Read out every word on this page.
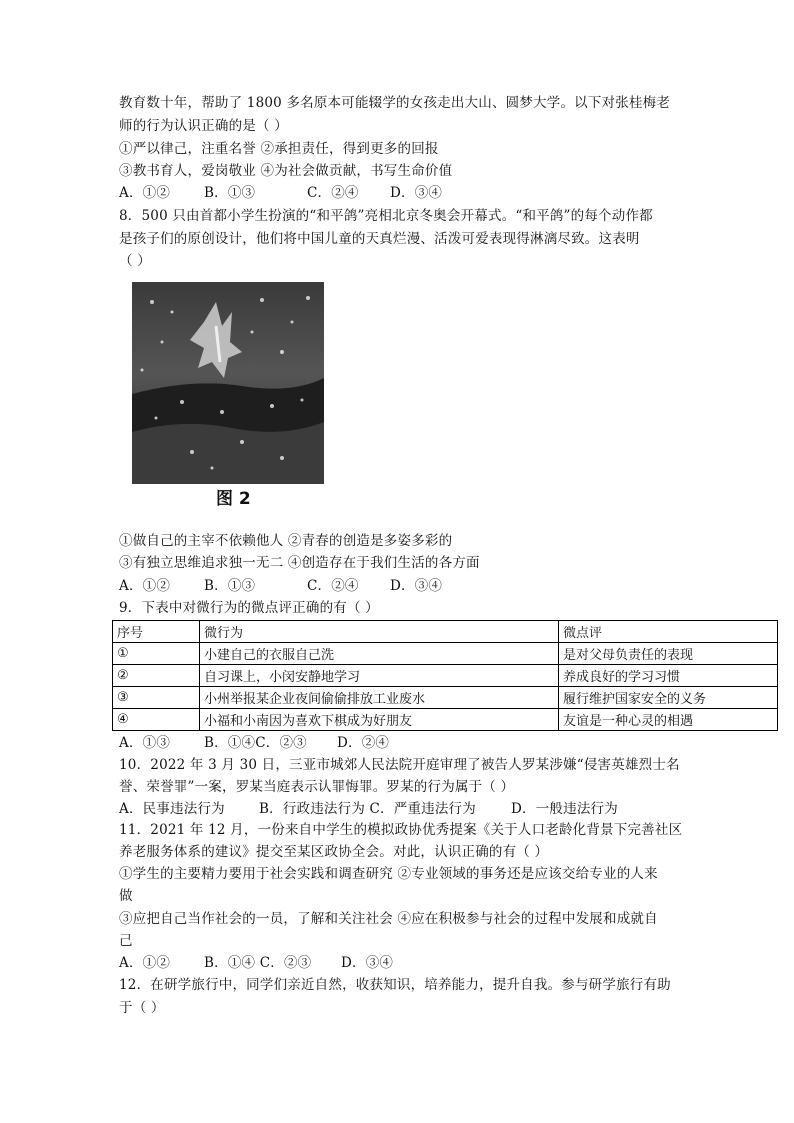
教育数十年，帮助了 1800 多名原本可能辍学的女孩走出大山、圆梦大学。以下对张桂梅老
师的行为认识正确的是（ ）
①严以律己，注重名誉 ②承担责任，得到更多的回报
③教书育人，爱岗敬业 ④为社会做贡献，书写生命价值
A．①②	B．①③	C．②④ D．③④
8．500 只由首都小学生扮演的“和平鸽”亮相北京冬奥会开幕式。“和平鸽”的每个动作都
是孩子们的原创设计，他们将中国儿童的天真烂漫、活泼可爱表现得淋漓尽致。这表明
（ ）
图 2
①做自己的主宰不依赖他人 ②青春的创造是多姿多彩的
③有独立思维追求独一无二 ④创造存在于我们生活的各方面
A．①②	B．①③	C．②④ D．③④
9．下表中对微行为的微点评正确的有（ ）
序号	微行为	微点评
①	小建自己的衣服自己洗	是对父母负责任的表现
②	自习课上，小闵安静地学习	养成良好的学习习惯
③	小州举报某企业夜间偷偷排放工业废水	履行维护国家安全的义务
④	小福和小南因为喜欢下棋成为好朋友	友谊是一种心灵的相遇
A．①③	B．①④C．②③ D．②④
10．2022 年 3 月 30 日，三亚市城郊人民法院开庭审理了被告人罗某涉嫌“侵害英雄烈士名
誉、荣誉罪”一案，罗某当庭表示认罪悔罪。罗某的行为属于（ ）
A．民事违法行为	B．行政违法行为 C．严重违法行为	D．一般违法行为
11．2021 年 12 月，一份来自中学生的模拟政协优秀提案《关于人口老龄化背景下完善社区
养老服务体系的建议》提交至某区政协全会。对此，认识正确的有（ ）
①学生的主要精力要用于社会实践和调查研究 ②专业领域的事务还是应该交给专业的人来
做
③应把自己当作社会的一员，了解和关注社会 ④应在积极参与社会的过程中发展和成就自
己
A．①②	B．①④ C．②③ D．③④
12．在研学旅行中，同学们亲近自然，收获知识，培养能力，提升自我。参与研学旅行有助
于（ ）
